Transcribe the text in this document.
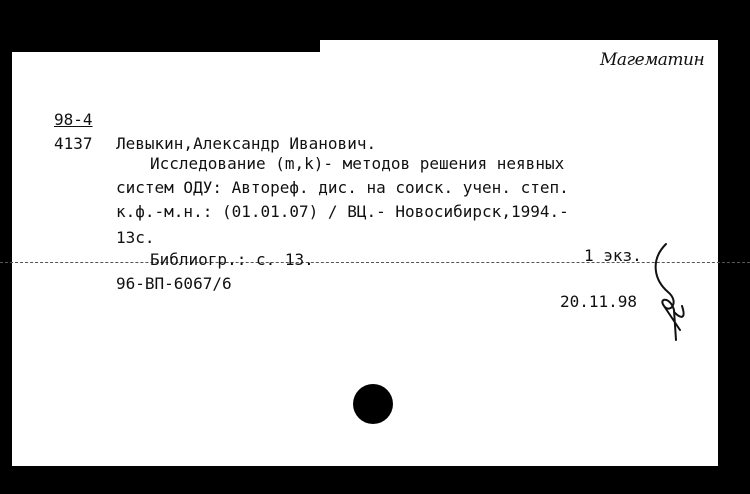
Магематин
98-4
4137 Левыкин,Александр Иванович.
Исследование (m,k)- методов решения неявных
систем ОДУ: Автореф. дис. на соиск. учен. степ.
к.ф.-м.н.: (01.01.07) / ВЦ.- Новосибирск,1994.-
13с.
Библиогр.: с. 13.	1 экз.
96-ВП-6067/6
20.11.98
